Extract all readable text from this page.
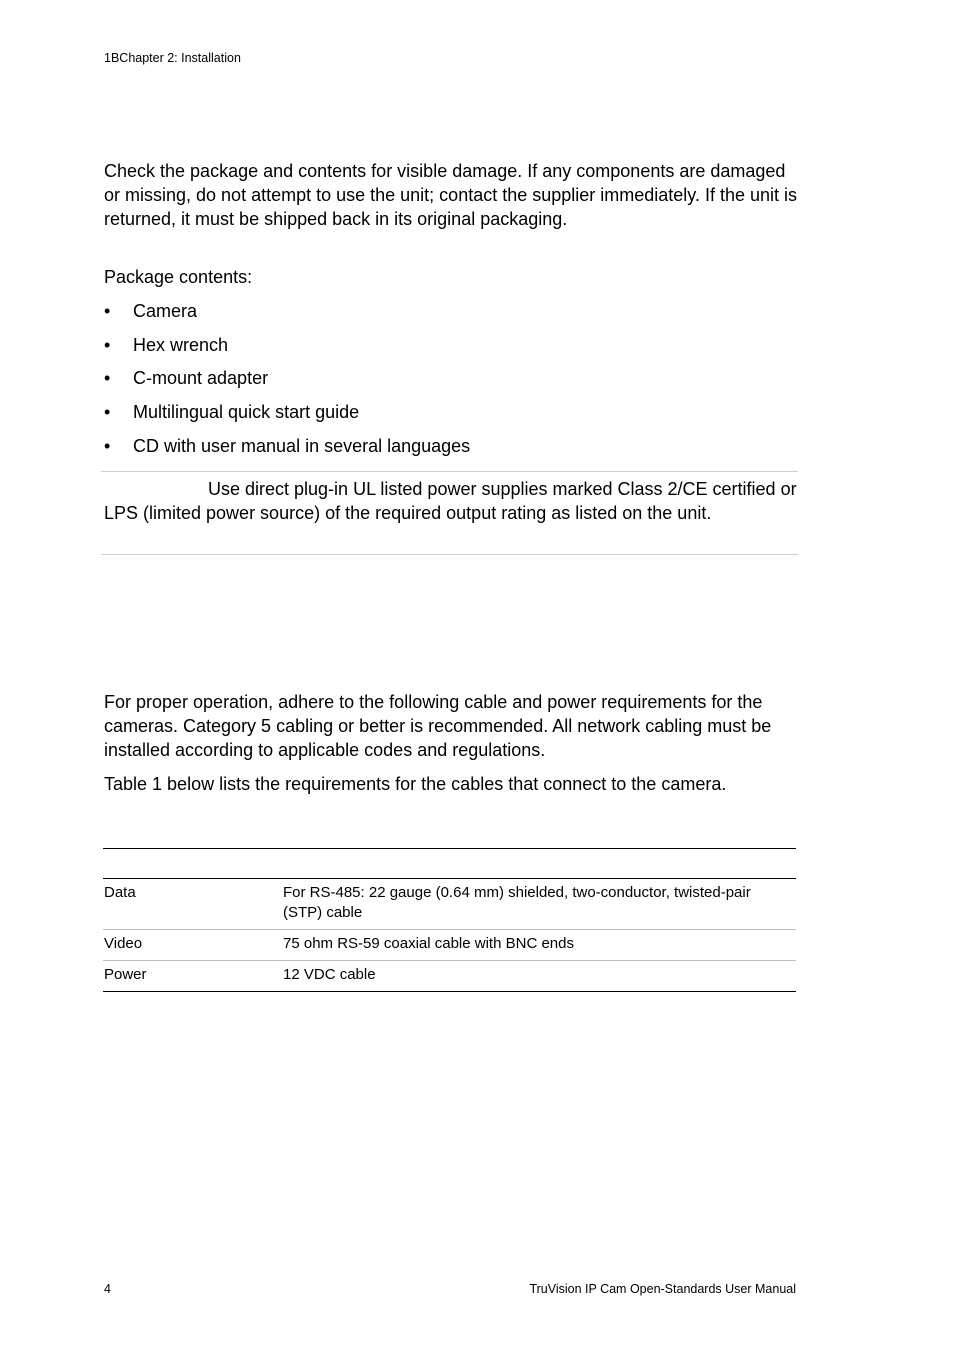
1BChapter 2: Installation
Check the package and contents for visible damage. If any components are damaged or missing, do not attempt to use the unit; contact the supplier immediately. If the unit is returned, it must be shipped back in its original packaging.
Package contents:
• Camera
• Hex wrench
• C-mount adapter
• Multilingual quick start guide
• CD with user manual in several languages
Use direct plug-in UL listed power supplies marked Class 2/CE certified or LPS (limited power source) of the required output rating as listed on the unit.
For proper operation, adhere to the following cable and power requirements for the cameras. Category 5 cabling or better is recommended. All network cabling must be installed according to applicable codes and regulations.
Table 1 below lists the requirements for the cables that connect to the camera.
Data	For RS-485: 22 gauge (0.64 mm) shielded, two-conductor, twisted-pair (STP) cable
Video	75 ohm RS-59 coaxial cable with BNC ends
Power	12 VDC cable
4	TruVision IP Cam Open-Standards User Manual
